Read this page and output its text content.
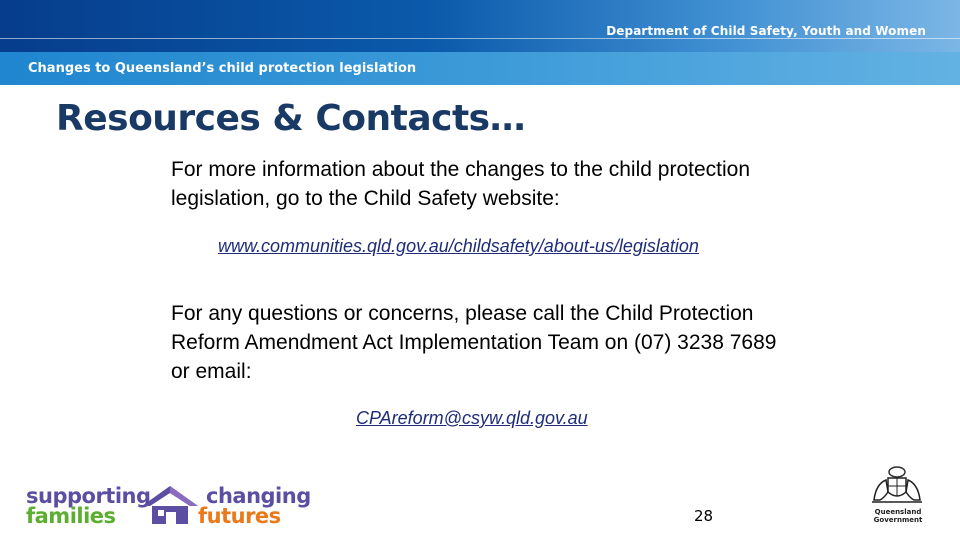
Department of Child Safety, Youth and Women
Changes to Queensland’s child protection legislation
Resources & Contacts…

For more information about the changes to the child protection legislation, go to the Child Safety website:

www.communities.qld.gov.au/childsafety/about-us/legislation

For any questions or concerns, please call the Child Protection Reform Amendment Act Implementation Team on (07) 3238 7689 or email:

CPAreform@csyw.qld.gov.au
supporting
families
changing
futures	28	Queensland Government
